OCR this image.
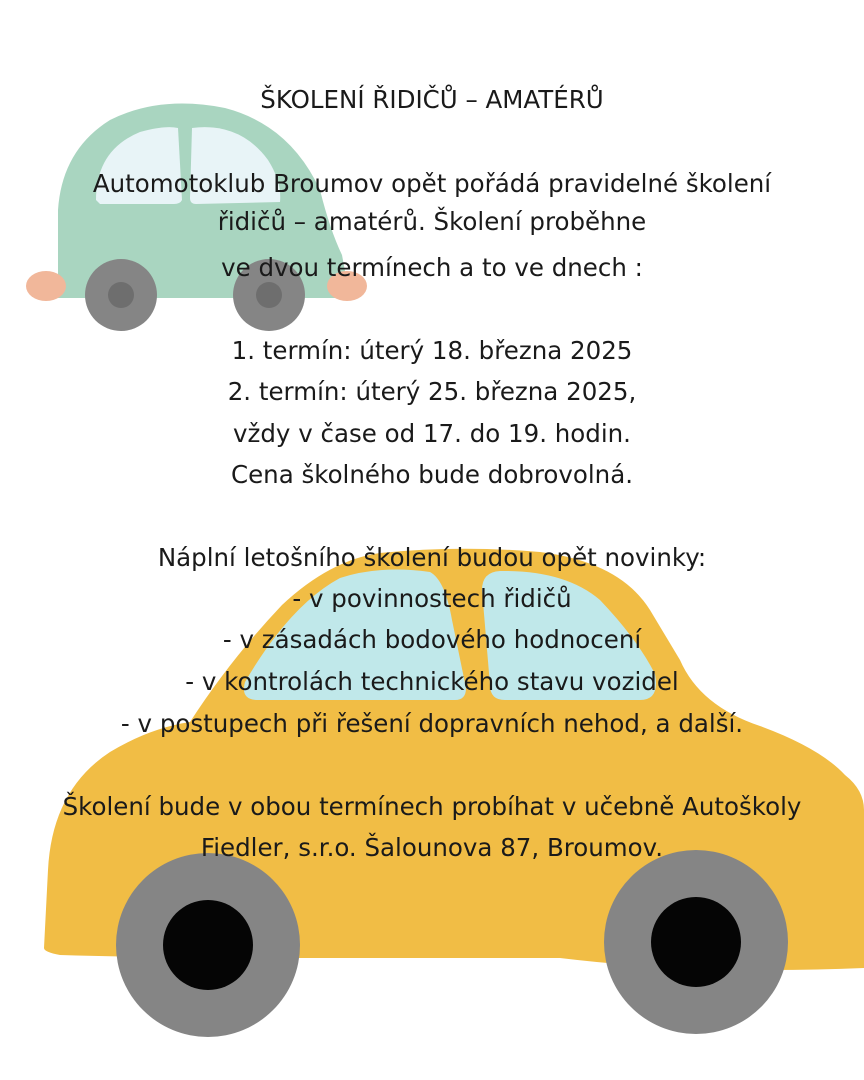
ŠKOLENÍ ŘIDIČŮ – AMATÉRŮ
Automotoklub Broumov opět pořádá pravidelné školení
řidičů – amatérů. Školení proběhne
ve dvou termínech a to ve dnech :
1. termín: úterý 18. března 2025
2. termín: úterý 25. března 2025,
vždy v čase od 17. do 19. hodin.
Cena školného bude dobrovolná.
Náplní letošního školení budou opět novinky:
- v povinnostech řidičů
- v zásadách bodového hodnocení
- v kontrolách technického stavu vozidel
- v postupech při řešení dopravních nehod, a další.
Školení bude v obou termínech probíhat v učebně Autoškoly
Fiedler, s.r.o. Šalounova 87, Broumov.
